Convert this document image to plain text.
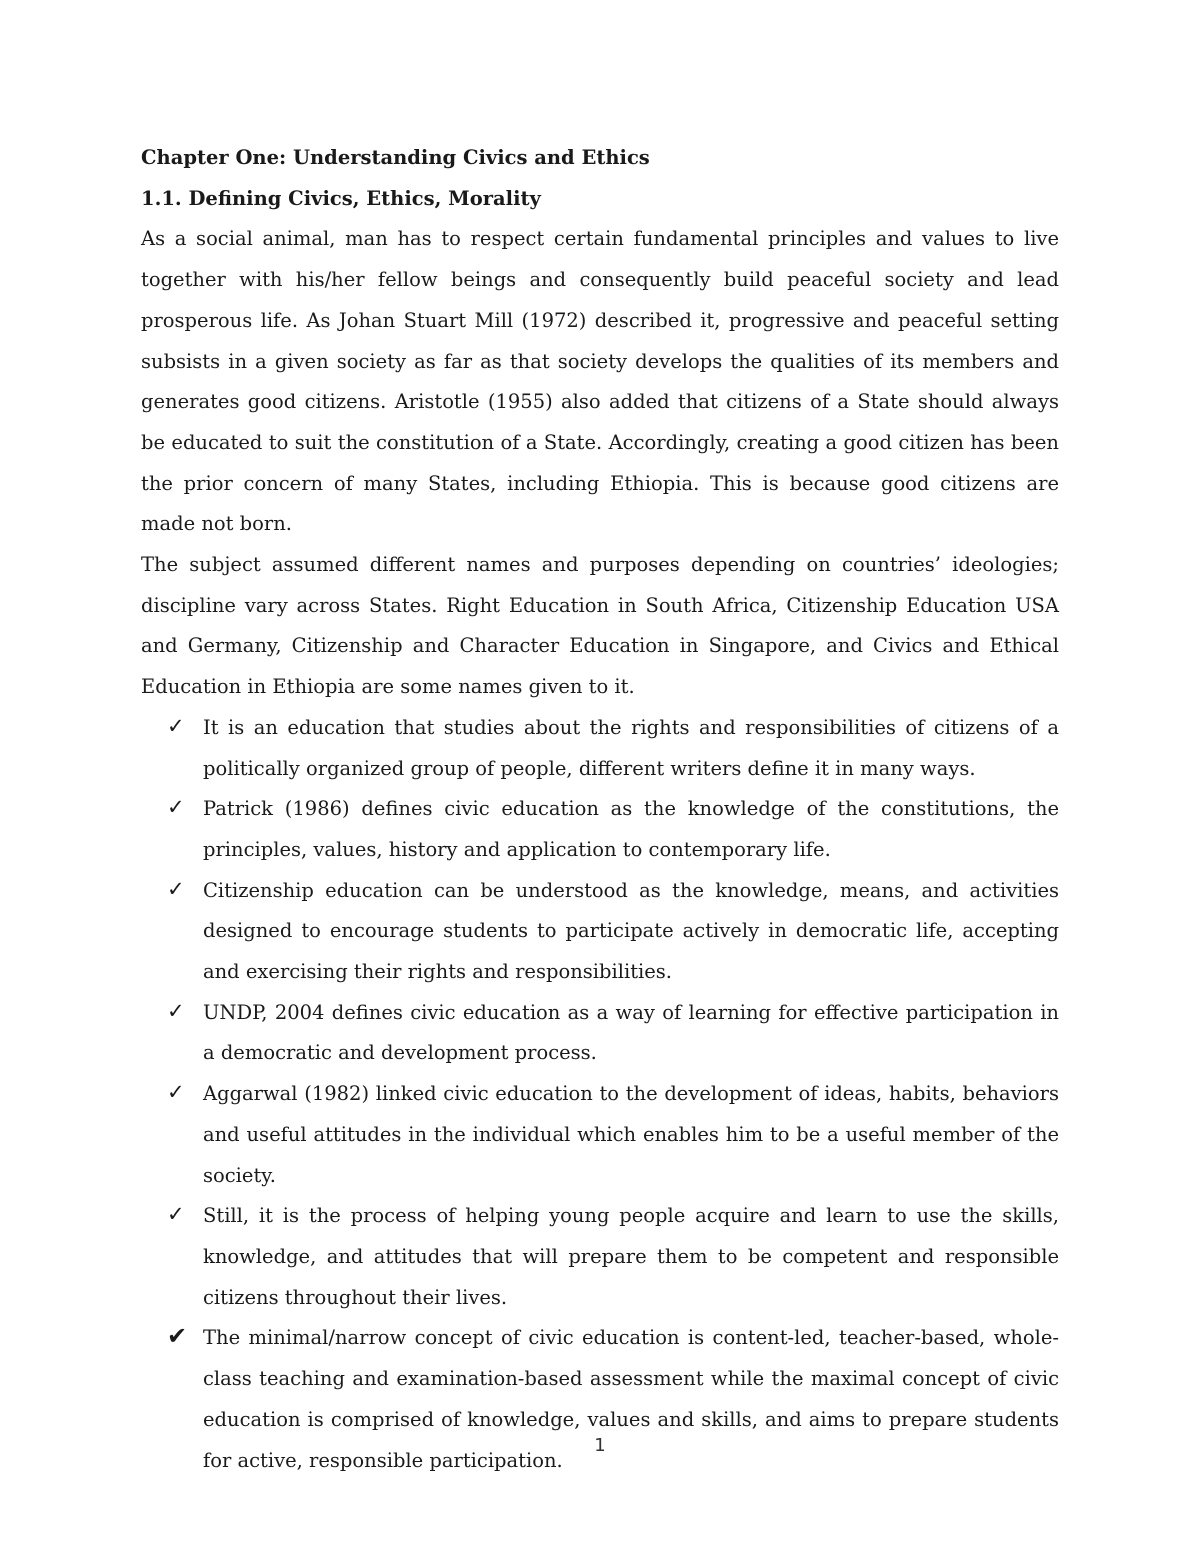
Chapter One: Understanding Civics and Ethics

1.1. Defining Civics, Ethics, Morality

As a social animal, man has to respect certain fundamental principles and values to live together with his/her fellow beings and consequently build peaceful society and lead prosperous life. As Johan Stuart Mill (1972) described it, progressive and peaceful setting subsists in a given society as far as that society develops the qualities of its members and generates good citizens. Aristotle (1955) also added that citizens of a State should always be educated to suit the constitution of a State. Accordingly, creating a good citizen has been the prior concern of many States, including Ethiopia. This is because good citizens are made not born.

The subject assumed different names and purposes depending on countries’ ideologies; discipline vary across States. Right Education in South Africa, Citizenship Education USA and Germany, Citizenship and Character Education in Singapore, and Civics and Ethical Education in Ethiopia are some names given to it.

✓ It is an education that studies about the rights and responsibilities of citizens of a politically organized group of people, different writers define it in many ways.
✓ Patrick (1986) defines civic education as the knowledge of the constitutions, the principles, values, history and application to contemporary life.
✓ Citizenship education can be understood as the knowledge, means, and activities designed to encourage students to participate actively in democratic life, accepting and exercising their rights and responsibilities.
✓ UNDP, 2004 defines civic education as a way of learning for effective participation in a democratic and development process.
✓ Aggarwal (1982) linked civic education to the development of ideas, habits, behaviors and useful attitudes in the individual which enables him to be a useful member of the society.
✓ Still, it is the process of helping young people acquire and learn to use the skills, knowledge, and attitudes that will prepare them to be competent and responsible citizens throughout their lives.
✔ The minimal/narrow concept of civic education is content-led, teacher-based, whole-class teaching and examination-based assessment while the maximal concept of civic education is comprised of knowledge, values and skills, and aims to prepare students for active, responsible participation.
1
